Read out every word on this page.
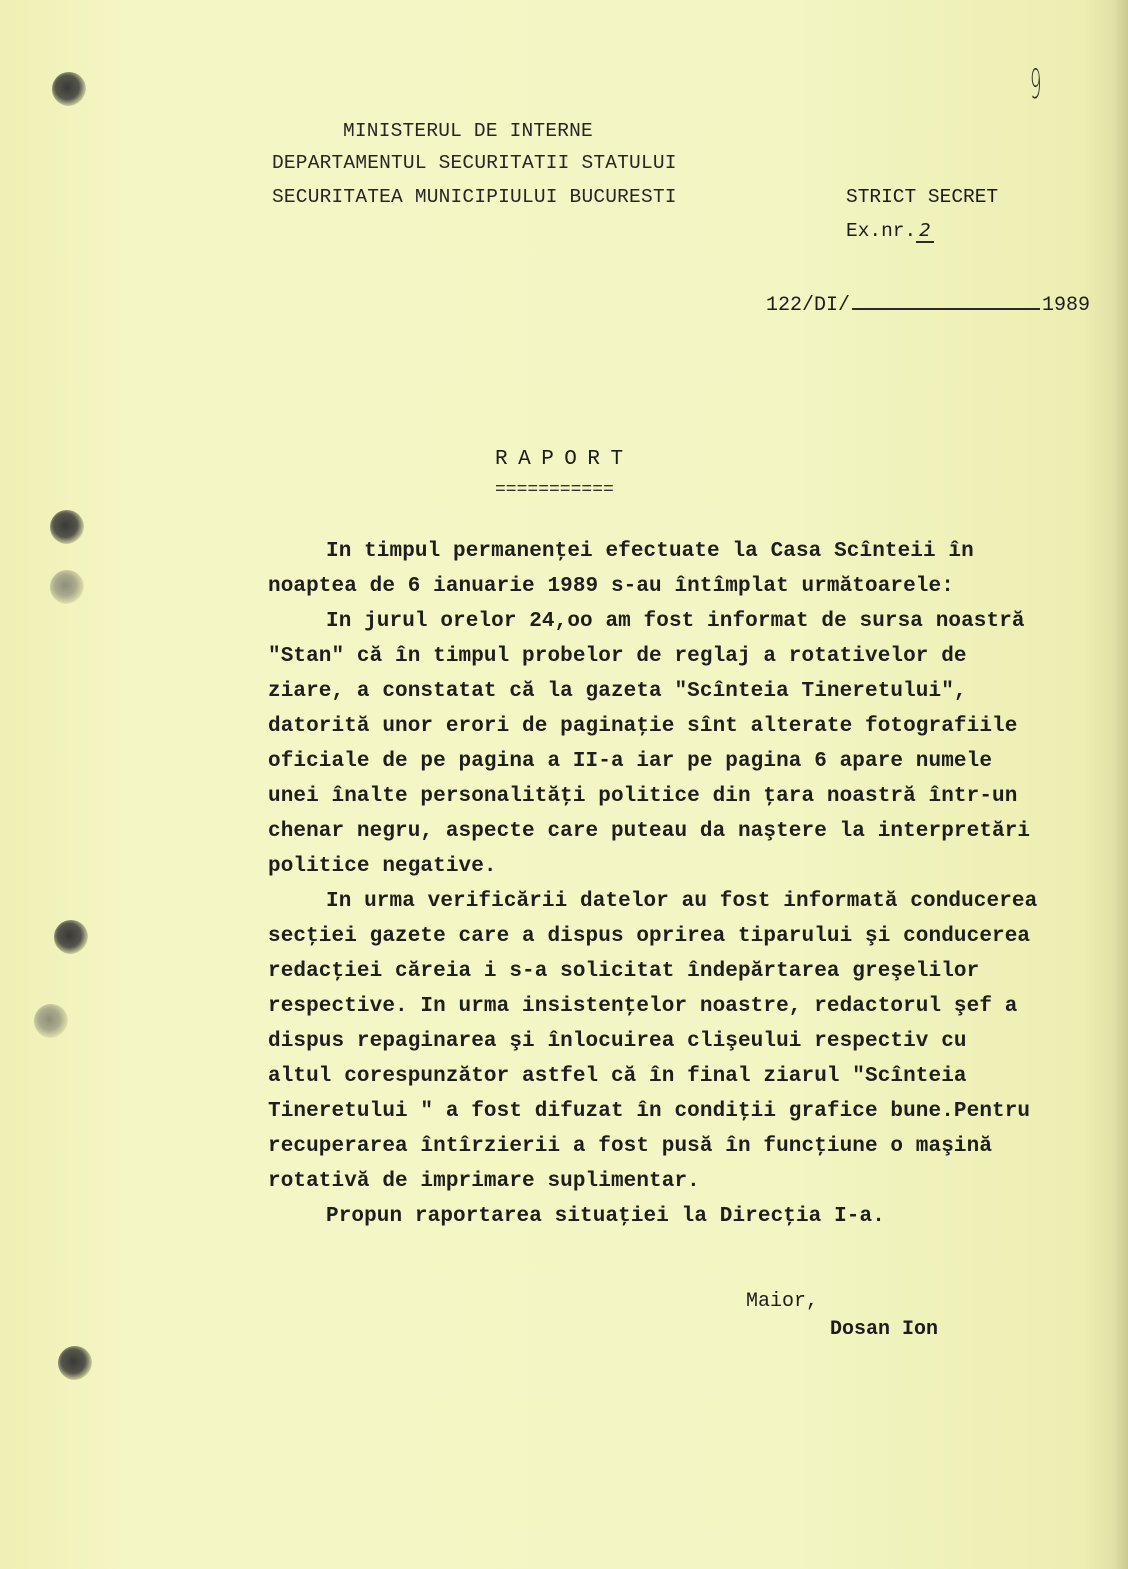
9
MINISTERUL DE INTERNE
DEPARTAMENTUL SECURITATII STATULUI
SECURITATEA MUNICIPIULUI BUCURESTI	STRICT SECRET
Ex.nr. 2
122/DI/	1989
RAPORT
===========
In timpul permanenţei efectuate la Casa Scînteii în
noaptea de 6 ianuarie 1989 s-au întîmplat următoarele:
In jurul orelor 24,oo am fost informat de sursa noastră
"Stan" că în timpul probelor de reglaj a rotativelor de
ziare, a constatat că la gazeta "Scînteia Tineretului",
datorită unor erori de paginaţie sînt alterate fotografiile
oficiale de pe pagina a II-a iar pe pagina 6 apare numele
unei înalte personalităţi politice din ţara noastră într-un
chenar negru, aspecte care puteau da naştere la interpretări
politice negative.
In urma verificării datelor au fost informată conducerea
secţiei gazete care a dispus oprirea tiparului şi conducerea
redacţiei căreia i s-a solicitat îndepărtarea greşelilor
respective. In urma insistenţelor noastre, redactorul şef a
dispus repaginarea şi înlocuirea clişeului respectiv cu
altul corespunzător astfel că în final ziarul "Scînteia
Tineretului " a fost difuzat în condiţii grafice bune.Pentru
recuperarea întîrzierii a fost pusă în funcţiune o maşină
rotativă de imprimare suplimentar.
Propun raportarea situaţiei la Direcţia I-a.
Maior,
Dosan Ion
